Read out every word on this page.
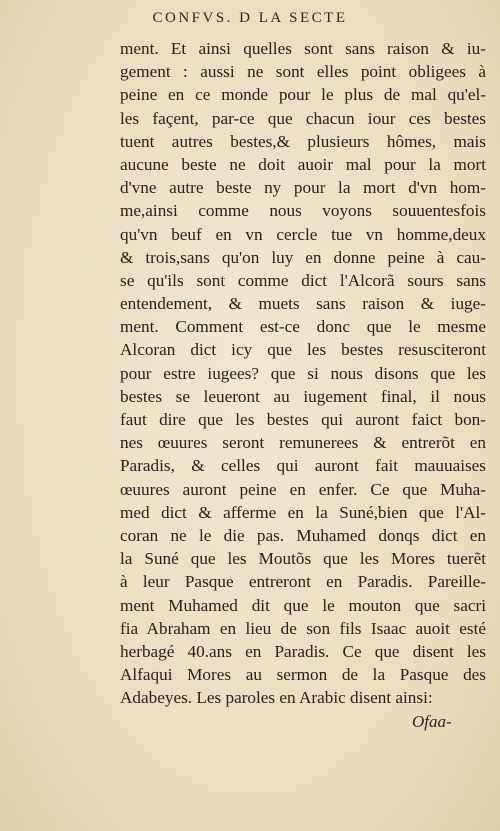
CONFVS. D LA SECTE
ment. Et ainsi quelles sont sans raison & iu-
gement : aussi ne sont elles point obligees à
peine en ce monde pour le plus de mal qu'el-
les façent, par-ce que chacun iour ces bestes
tuent autres bestes,& plusieurs hômes, mais
aucune beste ne doit auoir mal pour la mort
d'vne autre beste ny pour la mort d'vn hom-
me,ainsi comme nous voyons souuentesfois
qu'vn beuf en vn cercle tue vn homme,deux
& trois,sans qu'on luy en donne peine à cau-
se qu'ils sont comme dict l'Alcorã sours sans
entendement, & muets sans raison & iuge-
ment. Comment est-ce donc que le mesme
Alcoran dict icy que les bestes resusciteront
pour estre iugees? que si nous disons que les
bestes se leueront au iugement final, il nous
faut dire que les bestes qui auront faict bon-
nes œuures seront remunerees & entrerõt en
Paradis, & celles qui auront fait mauuaises
œuures auront peine en enfer. Ce que Muha-
med dict & afferme en la Suné,bien que l'Al-
coran ne le die pas. Muhamed donqs dict en
la Suné que les Moutõs que les Mores tuerẽt
à leur Pasque entreront en Paradis. Pareille-
ment Muhamed dit que le mouton que sacri
fia Abraham en lieu de son fils Isaac auoit esté
herbagé 40.ans en Paradis. Ce que disent les
Alfaqui Mores au sermon de la Pasque des
Adabeyes. Les paroles en Arabic disent ainsi:
Ofaa-
